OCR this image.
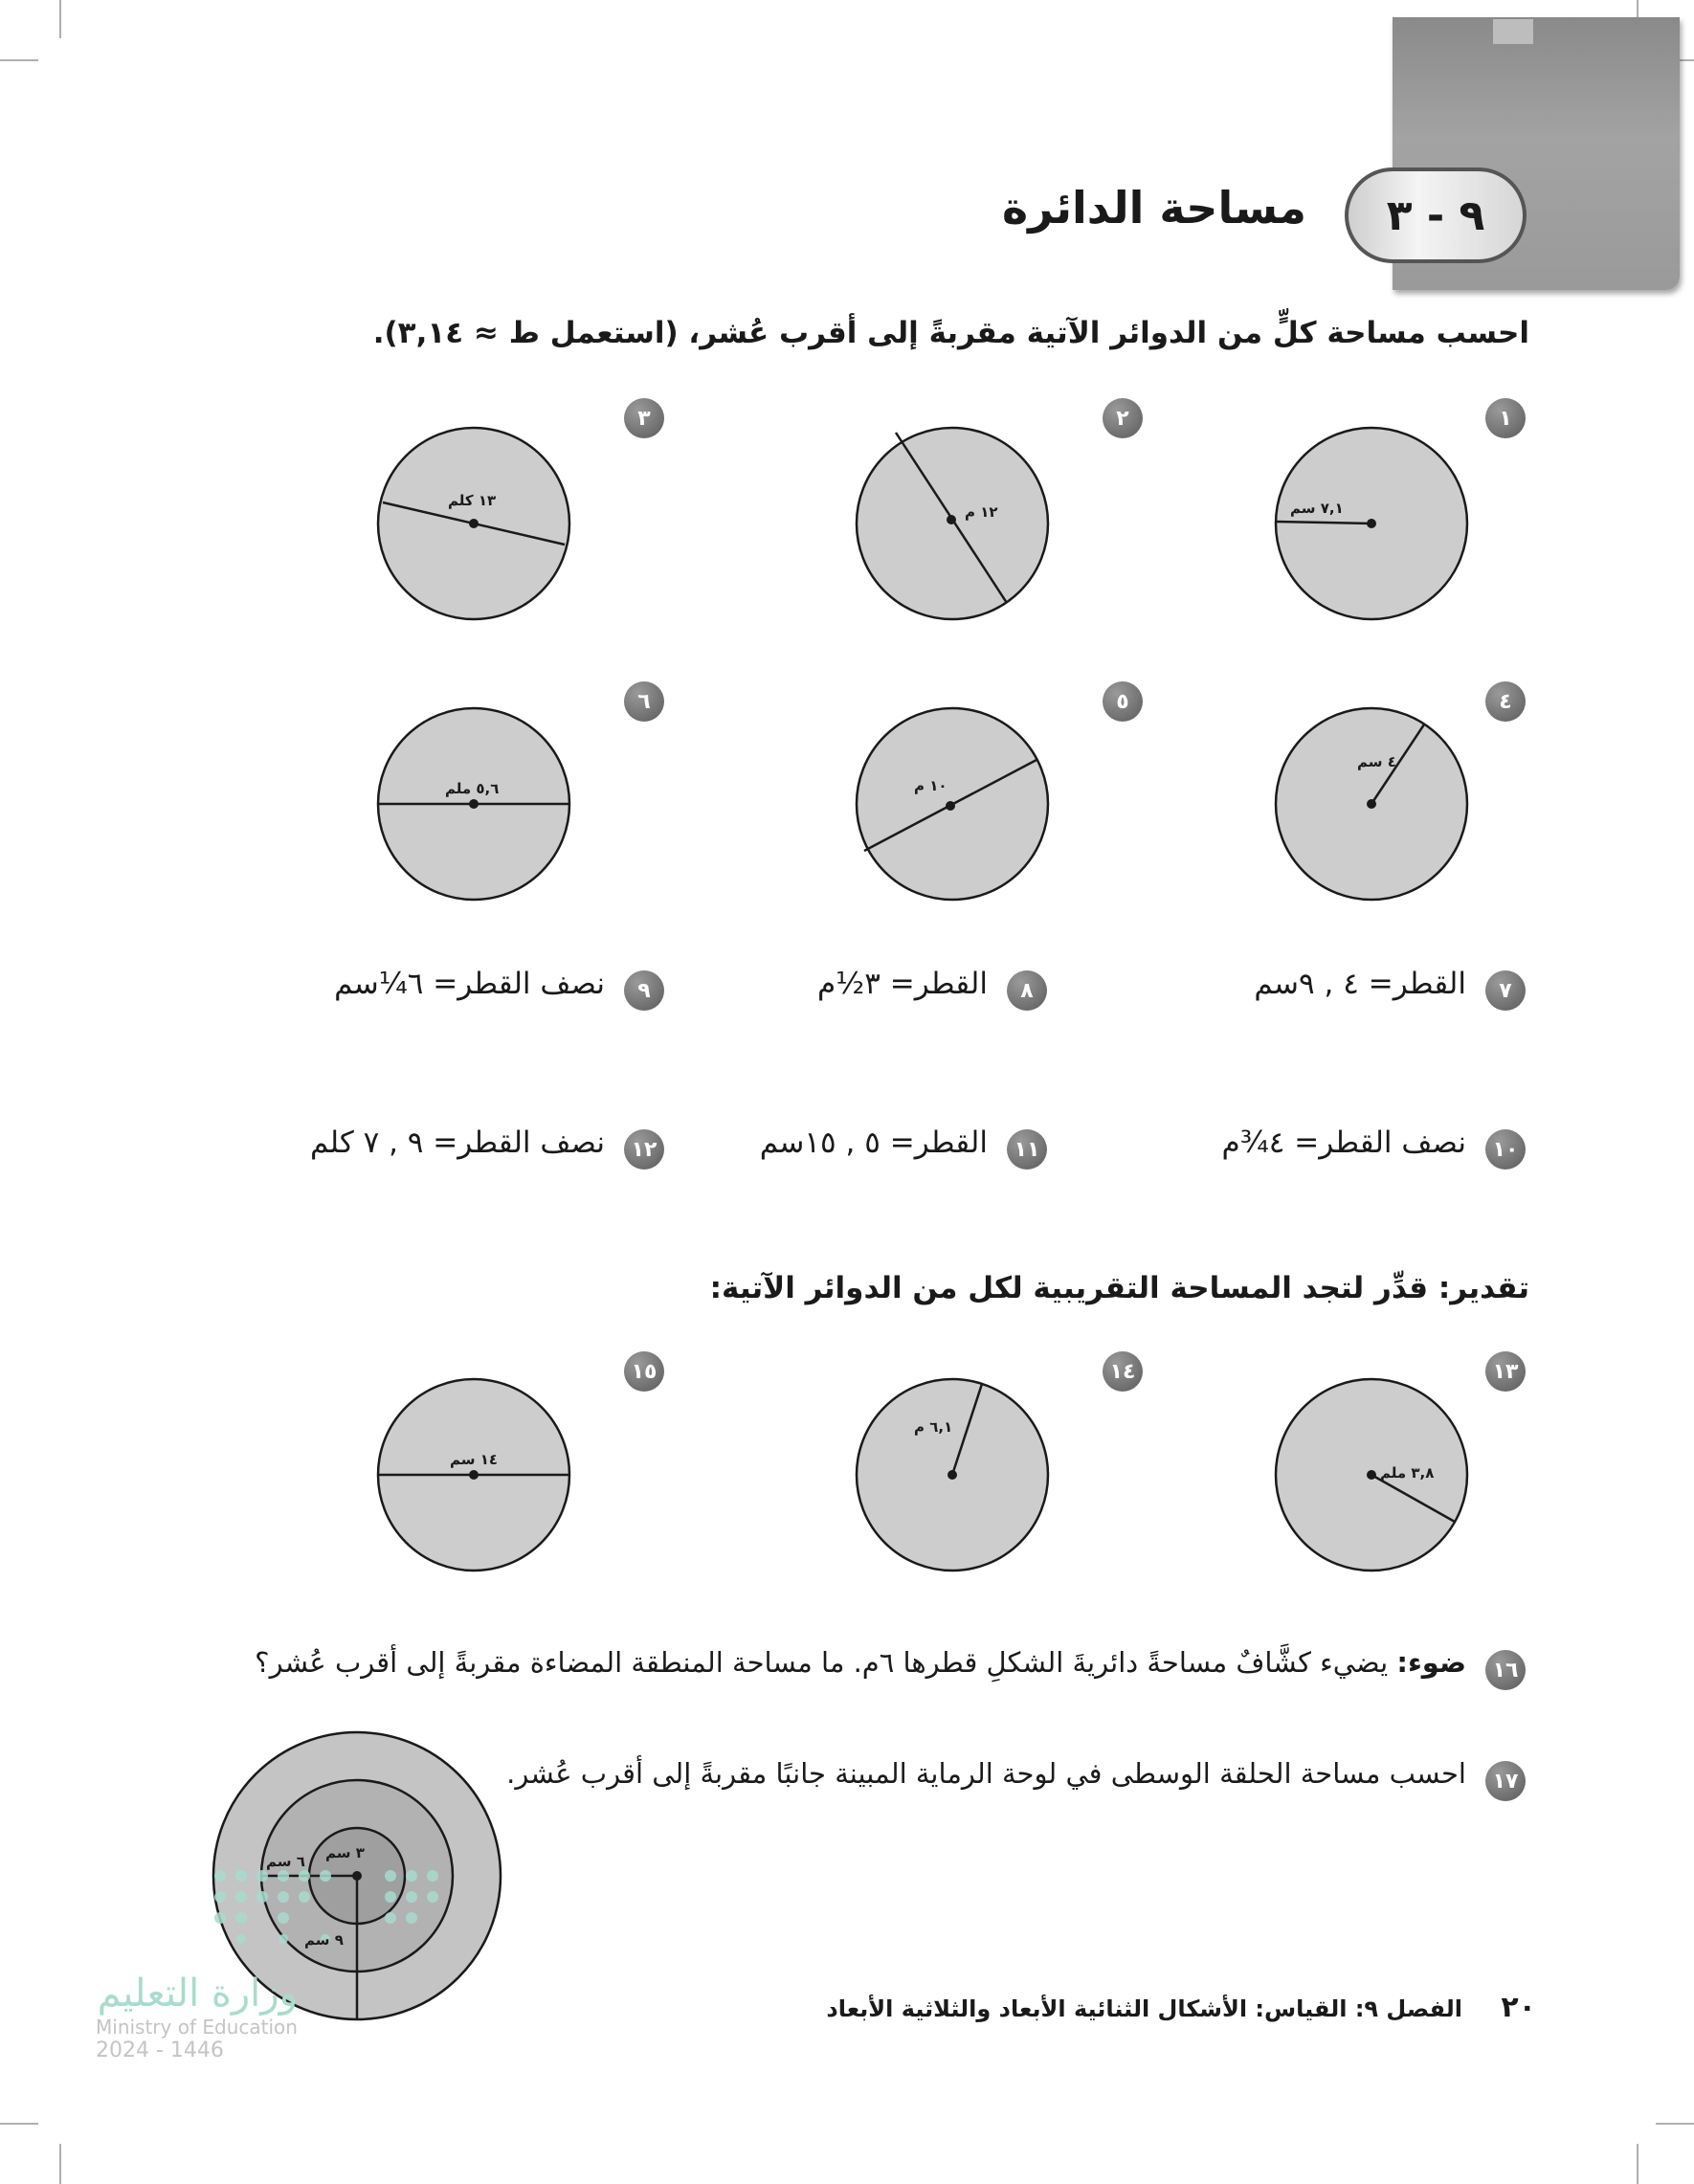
٩ - ٣
مساحة الدائرة
احسب مساحة كلٍّ من الدوائر الآتية مقربةً إلى أقرب عُشر، (استعمل ط ≈ ٣,١٤).
٧,١ سم
١٢ م
١٣ كلم
٤ سم
١٠ م
٥,٦ ملم
٣,٨ ملم
٦,١ م
١٤ سم
١
٢
٣
٤
٥
٦
٧
القطر= ٤ , ٩سم
٨
القطر= ٣½م
٩
نصف القطر= ٦¼سم
١٠
نصف القطر= ٤¾م
١١
القطر= ٥ , ١٥سم
١٢
نصف القطر= ٩ , ٧ كلم
تقدير: قدِّر لتجد المساحة التقريبية لكل من الدوائر الآتية:
١٣
١٤
١٥
١٦
ضوء: يضيء كشَّافٌ مساحةً دائريةَ الشكلِ قطرها ٦م. ما مساحة المنطقة المضاءة مقربةً إلى أقرب عُشر؟
١٧
احسب مساحة الحلقة الوسطى في لوحة الرماية المبينة جانبًا مقربةً إلى أقرب عُشر.
٣ سم
٦ سم
٩ سم
وزارة التعليم
Ministry of Education
2024 - 1446
٢٠ الفصل ٩: القياس: الأشكال الثنائية الأبعاد والثلاثية الأبعاد
